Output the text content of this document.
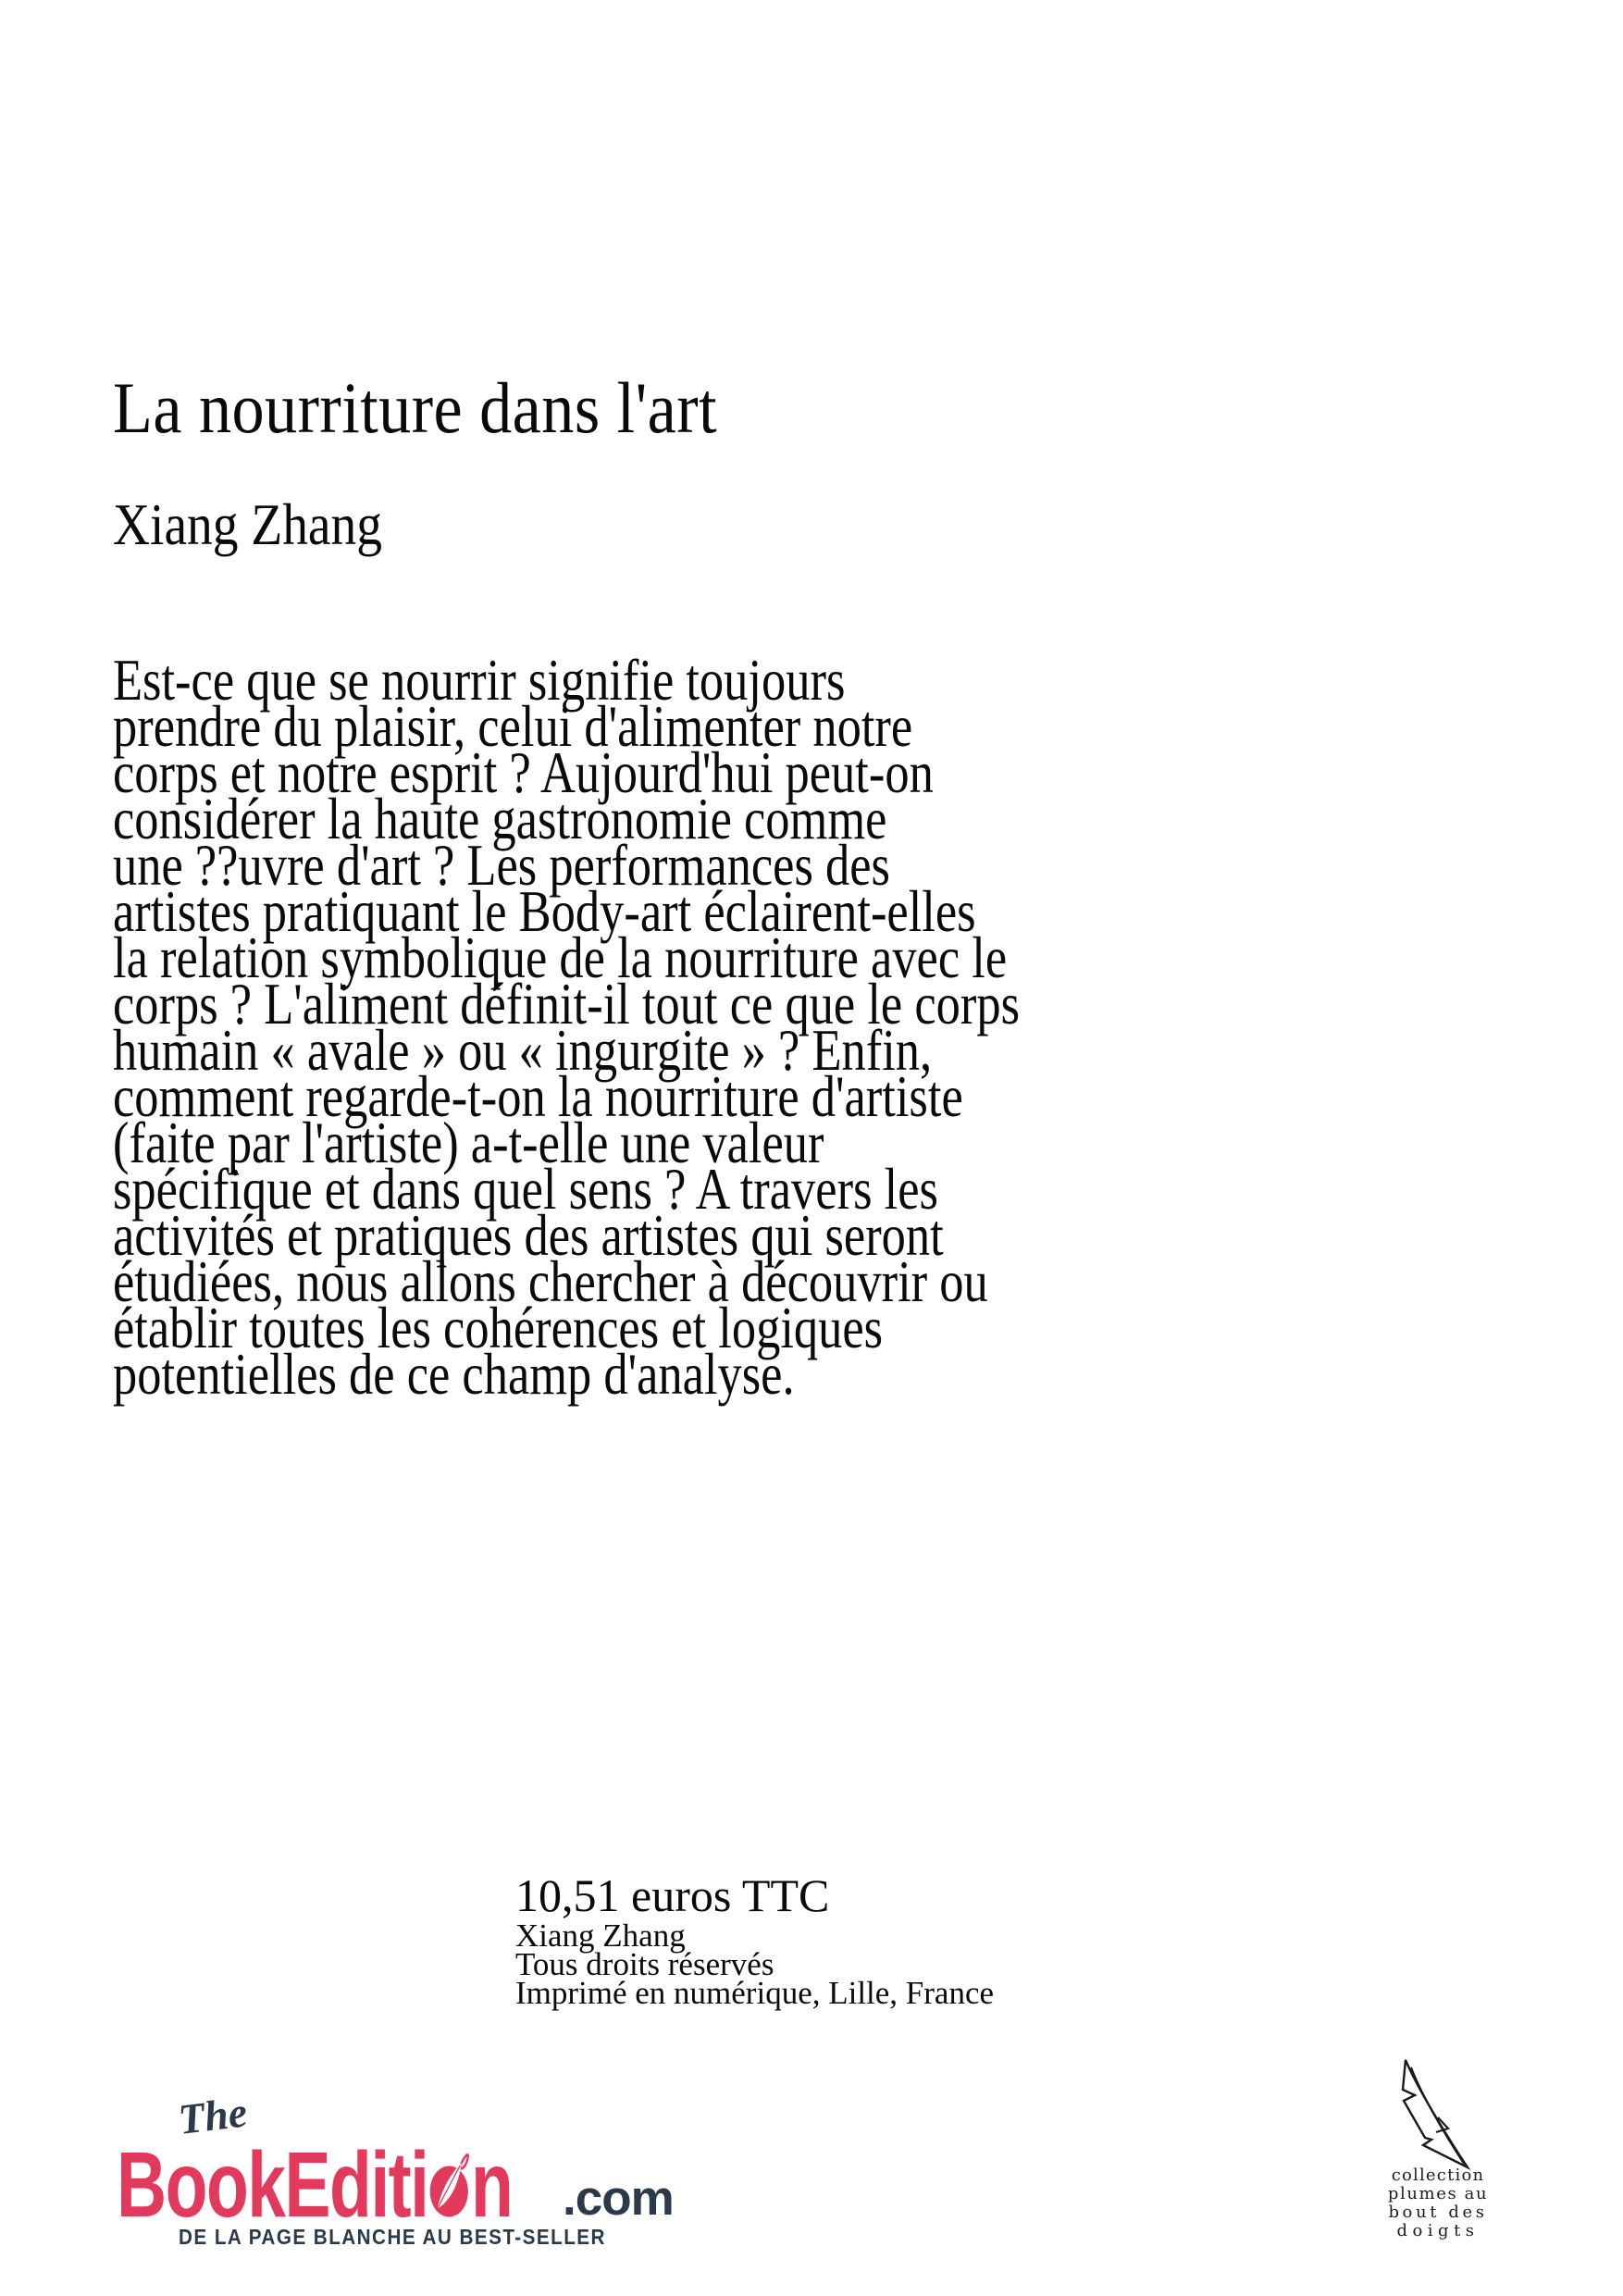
La nourriture dans l'art
Xiang Zhang
Est-ce que se nourrir signifie toujours
prendre du plaisir, celui d'alimenter notre
corps et notre esprit ? Aujourd'hui peut-on
considérer la haute gastronomie comme
une ??uvre d'art ? Les performances des
artistes pratiquant le Body-art éclairent-elles
la relation symbolique de la nourriture avec le
corps ? L'aliment définit-il tout ce que le corps
humain « avale » ou « ingurgite » ? Enfin,
comment regarde-t-on la nourriture d'artiste
(faite par l'artiste) a-t-elle une valeur
spécifique et dans quel sens ? A travers les
activités et pratiques des artistes qui seront
étudiées, nous allons chercher à découvrir ou
établir toutes les cohérences et logiques
potentielles de ce champ d'analyse.
10,51 euros TTC
Xiang Zhang
Tous droits réservés
Imprimé en numérique, Lille, France
The
BookEditi n .com
DE LA PAGE BLANCHE AU BEST-SELLER
collection
plumes au
bout des
doigts
